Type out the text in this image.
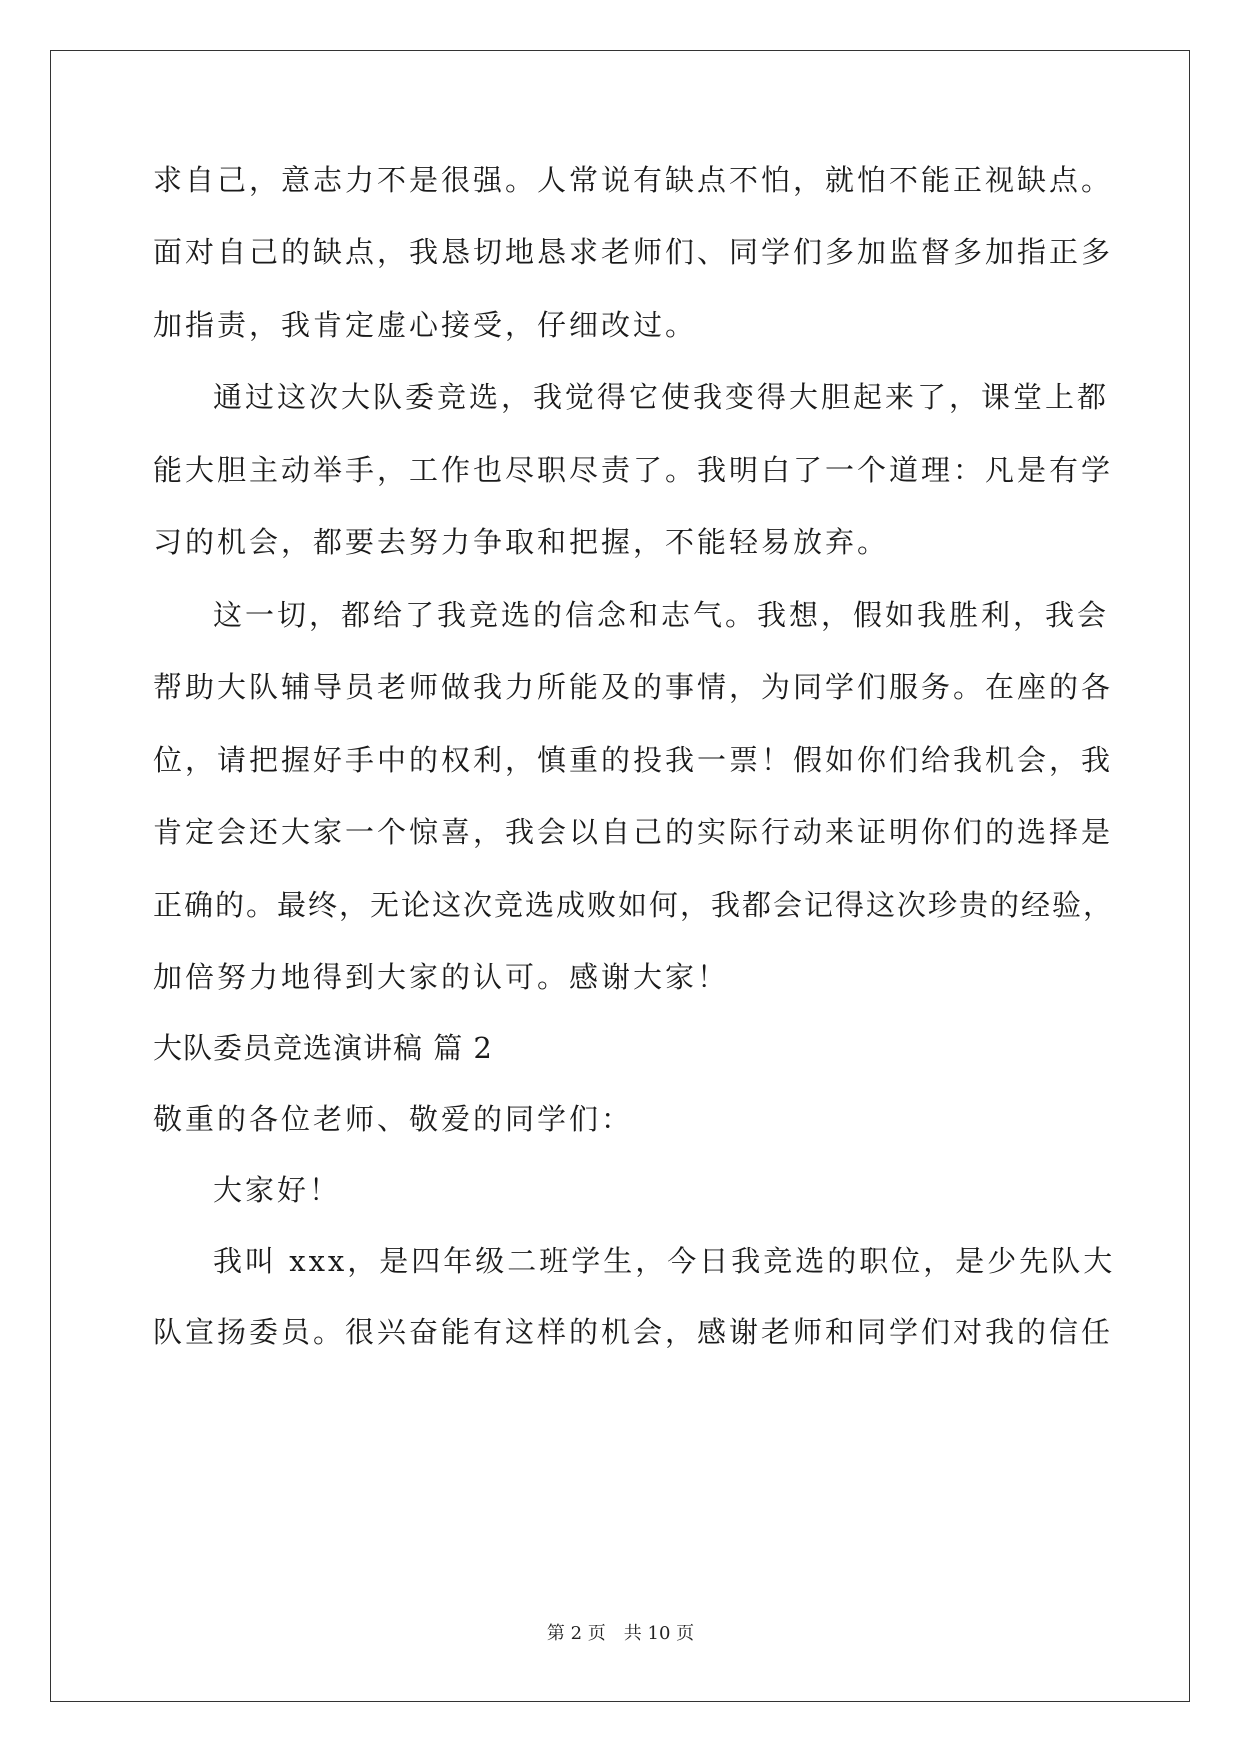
求自己，意志力不是很强。人常说有缺点不怕，就怕不能正视缺点。
面对自己的缺点，我恳切地恳求老师们、同学们多加监督多加指正多
加指责，我肯定虚心接受，仔细改过。
通过这次大队委竞选，我觉得它使我变得大胆起来了，课堂上都
能大胆主动举手，工作也尽职尽责了。我明白了一个道理：凡是有学
习的机会，都要去努力争取和把握，不能轻易放弃。
这一切，都给了我竞选的信念和志气。我想，假如我胜利，我会
帮助大队辅导员老师做我力所能及的事情，为同学们服务。在座的各
位，请把握好手中的权利，慎重的投我一票！假如你们给我机会，我
肯定会还大家一个惊喜，我会以自己的实际行动来证明你们的选择是
正确的。最终，无论这次竞选成败如何，我都会记得这次珍贵的经验，
加倍努力地得到大家的认可。感谢大家！
大队委员竞选演讲稿 篇 2
敬重的各位老师、敬爱的同学们：
大家好！
我叫 xxx，是四年级二班学生，今日我竞选的职位，是少先队大
队宣扬委员。很兴奋能有这样的机会，感谢老师和同学们对我的信任
第 2 页　共 10 页
